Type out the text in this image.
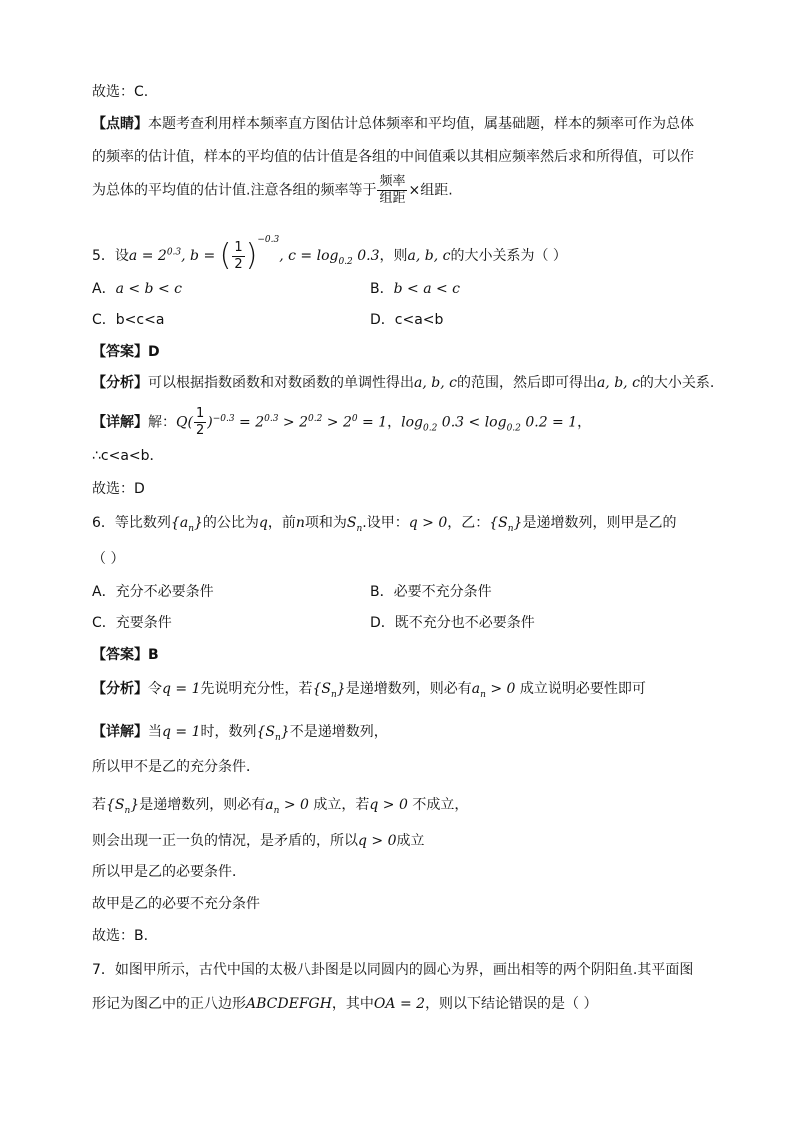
故选：C.
【点睛】本题考查利用样本频率直方图估计总体频率和平均值，属基础题，样本的频率可作为总体
的频率的估计值，样本的平均值的估计值是各组的中间值乘以其相应频率然后求和所得值，可以作
为总体的平均值的估计值.注意各组的频率等于 $\frac{\text{频率}}{\text{组距}}$ ×组距.
5．设$a = 2^{0.3}$, b = ( $\frac{1}{2} )^{-0.3}$, $c = \log_{0.2} 0.3$，则a, b, c的大小关系为（ ）
A．a < b < c	B．b < a < c
C．b<c<a	D．c<a<b
【答案】D
【分析】可以根据指数函数和对数函数的单调性得出a, b, c的范围，然后即可得出a, b, c的大小关系.
【详解】解：$Q( \frac{1}{2} )^{-0.3} = 2^{0.3} > 2^{0.2} > 2^0 = 1$，$\log_{0.2} 0.3 < \log_{0.2} 0.2 = 1$，
∴c<a<b．
故选：D
6．等比数列$\{a_n\}$的公比为q，前n项和为$S_n$.设甲：q > 0，乙：$\{S_n\}$是递增数列，则甲是乙的
（ ）
A．充分不必要条件	B．必要不充分条件
C．充要条件	D．既不充分也不必要条件
【答案】B
【分析】令q = 1先说明充分性，若$\{S_n\}$是递增数列，则必有$a_n > 0$ 成立说明必要性即可
【详解】当q = 1时，数列$\{S_n\}$不是递增数列，
所以甲不是乙的充分条件．
若$\{S_n\}$是递增数列，则必有$a_n > 0$ 成立，若q > 0 不成立，
则会出现一正一负的情况，是矛盾的，所以q > 0成立
所以甲是乙的必要条件．
故甲是乙的必要不充分条件
故选：B.
7．如图甲所示，古代中国的太极八卦图是以同圆内的圆心为界，画出相等的两个阴阳鱼.其平面图
形记为图乙中的正八边形ABCDEFGH，其中OA = 2，则以下结论错误的是（ ）
